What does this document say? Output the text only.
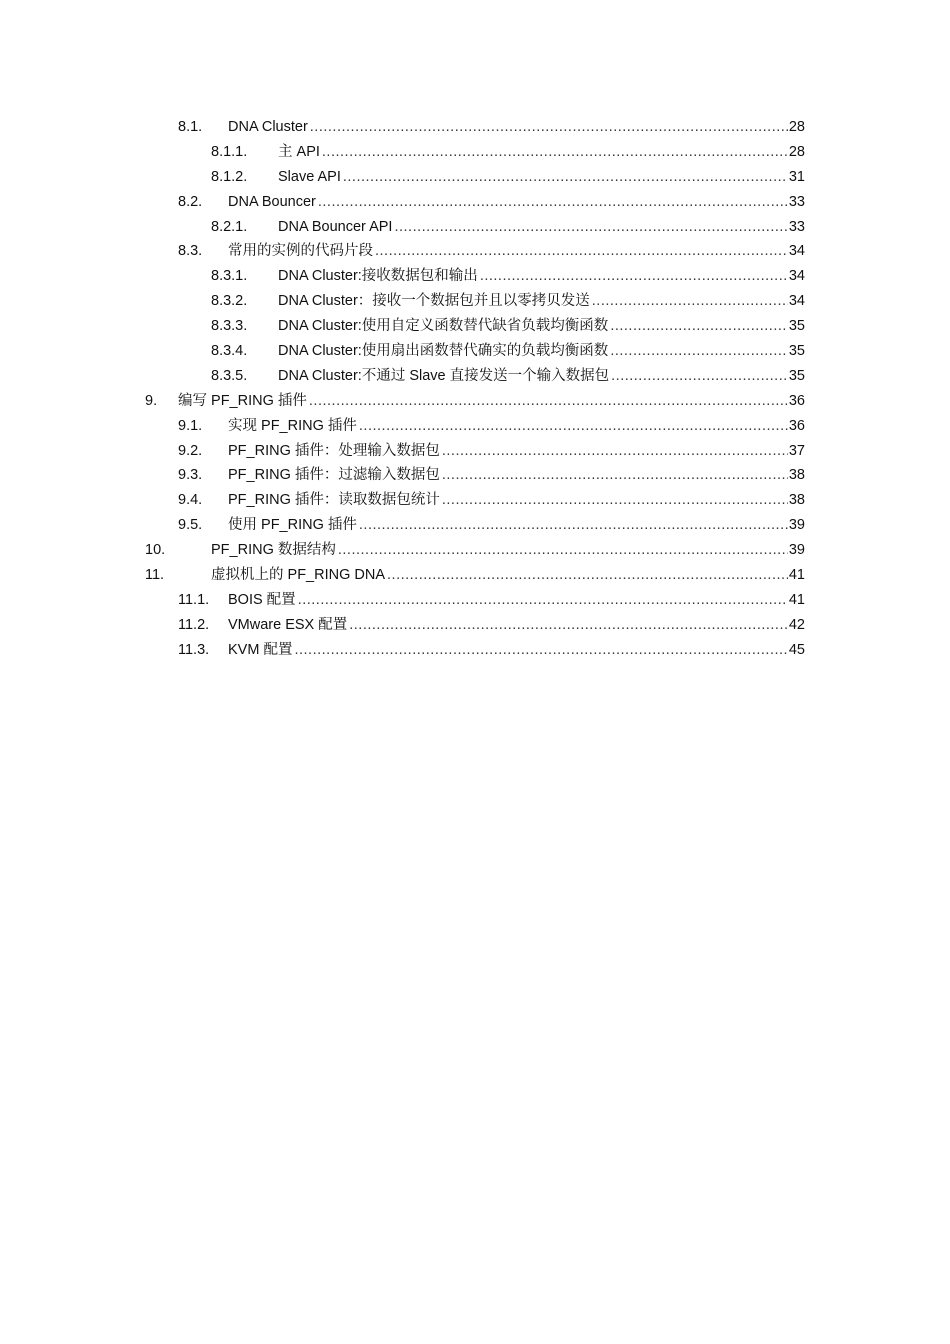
8.1. DNA Cluster .....	28
8.1.1. 主 API .....	28
8.1.2. Slave API .....	31
8.2. DNA Bouncer .....	33
8.2.1. DNA Bouncer API .....	33
8.3. 常用的实例的代码片段 .....	34
8.3.1. DNA Cluster:接收数据包和输出 .....	34
8.3.2. DNA Cluster：接收一个数据包并且以零拷贝发送 .....	34
8.3.3. DNA Cluster:使用自定义函数替代缺省负载均衡函数 .....	35
8.3.4. DNA Cluster:使用扇出函数替代确实的负载均衡函数 .....	35
8.3.5. DNA Cluster:不通过 Slave 直接发送一个输入数据包 .....	35
9. 编写 PF_RING 插件 .....	36
9.1. 实现 PF_RING 插件 .....	36
9.2. PF_RING 插件：处理输入数据包 .....	37
9.3. PF_RING 插件：过滤输入数据包 .....	38
9.4. PF_RING 插件：读取数据包统计 .....	38
9.5. 使用 PF_RING 插件 .....	39
10.	PF_RING 数据结构 .....	39
11.	虚拟机上的 PF_RING DNA .....	41
11.1. BOIS 配置 .....	41
11.2. VMware ESX 配置 .....	42
11.3. KVM 配置 .....	45
